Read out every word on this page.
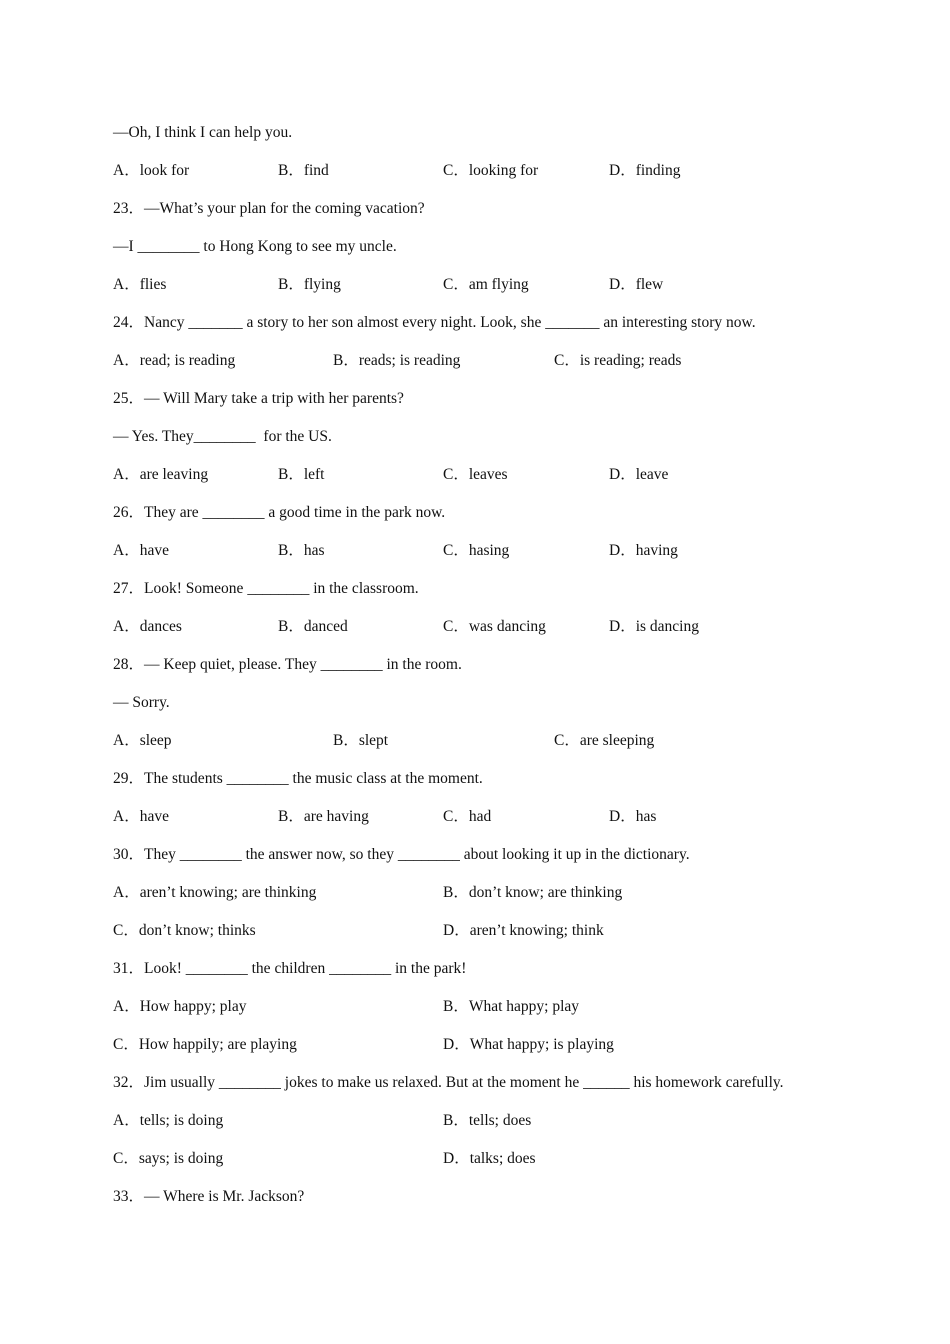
—Oh, I think I can help you.
A．look for	B．find	C．looking for	D．finding
23．—What’s your plan for the coming vacation?
—I ________ to Hong Kong to see my uncle.
A．flies	B．flying	C．am flying	D．flew
24．Nancy _______ a story to her son almost every night. Look, she _______ an interesting story now.
A．read; is reading	B．reads; is reading	C．is reading; reads
25．— Will Mary take a trip with her parents?
— Yes. They________  for the US.
A．are leaving	B．left	C．leaves	D．leave
26．They are ________ a good time in the park now.
A．have	B．has	C．hasing	D．having
27．Look! Someone ________ in the classroom.
A．dances	B．danced	C．was dancing	D．is dancing
28．— Keep quiet, please. They ________ in the room.
— Sorry.
A．sleep	B．slept	C．are sleeping
29．The students ________ the music class at the moment.
A．have	B．are having	C．had	D．has
30．They ________ the answer now, so they ________ about looking it up in the dictionary.
A．aren’t knowing; are thinking	B．don’t know; are thinking
C．don’t know; thinks	D．aren’t knowing; think
31．Look! ________ the children ________ in the park!
A．How happy; play	B．What happy; play
C．How happily; are playing	D．What happy; is playing
32．Jim usually ________ jokes to make us relaxed. But at the moment he ______ his homework carefully.
A．tells; is doing	B．tells; does
C．says; is doing	D．talks; does
33．— Where is Mr. Jackson?
